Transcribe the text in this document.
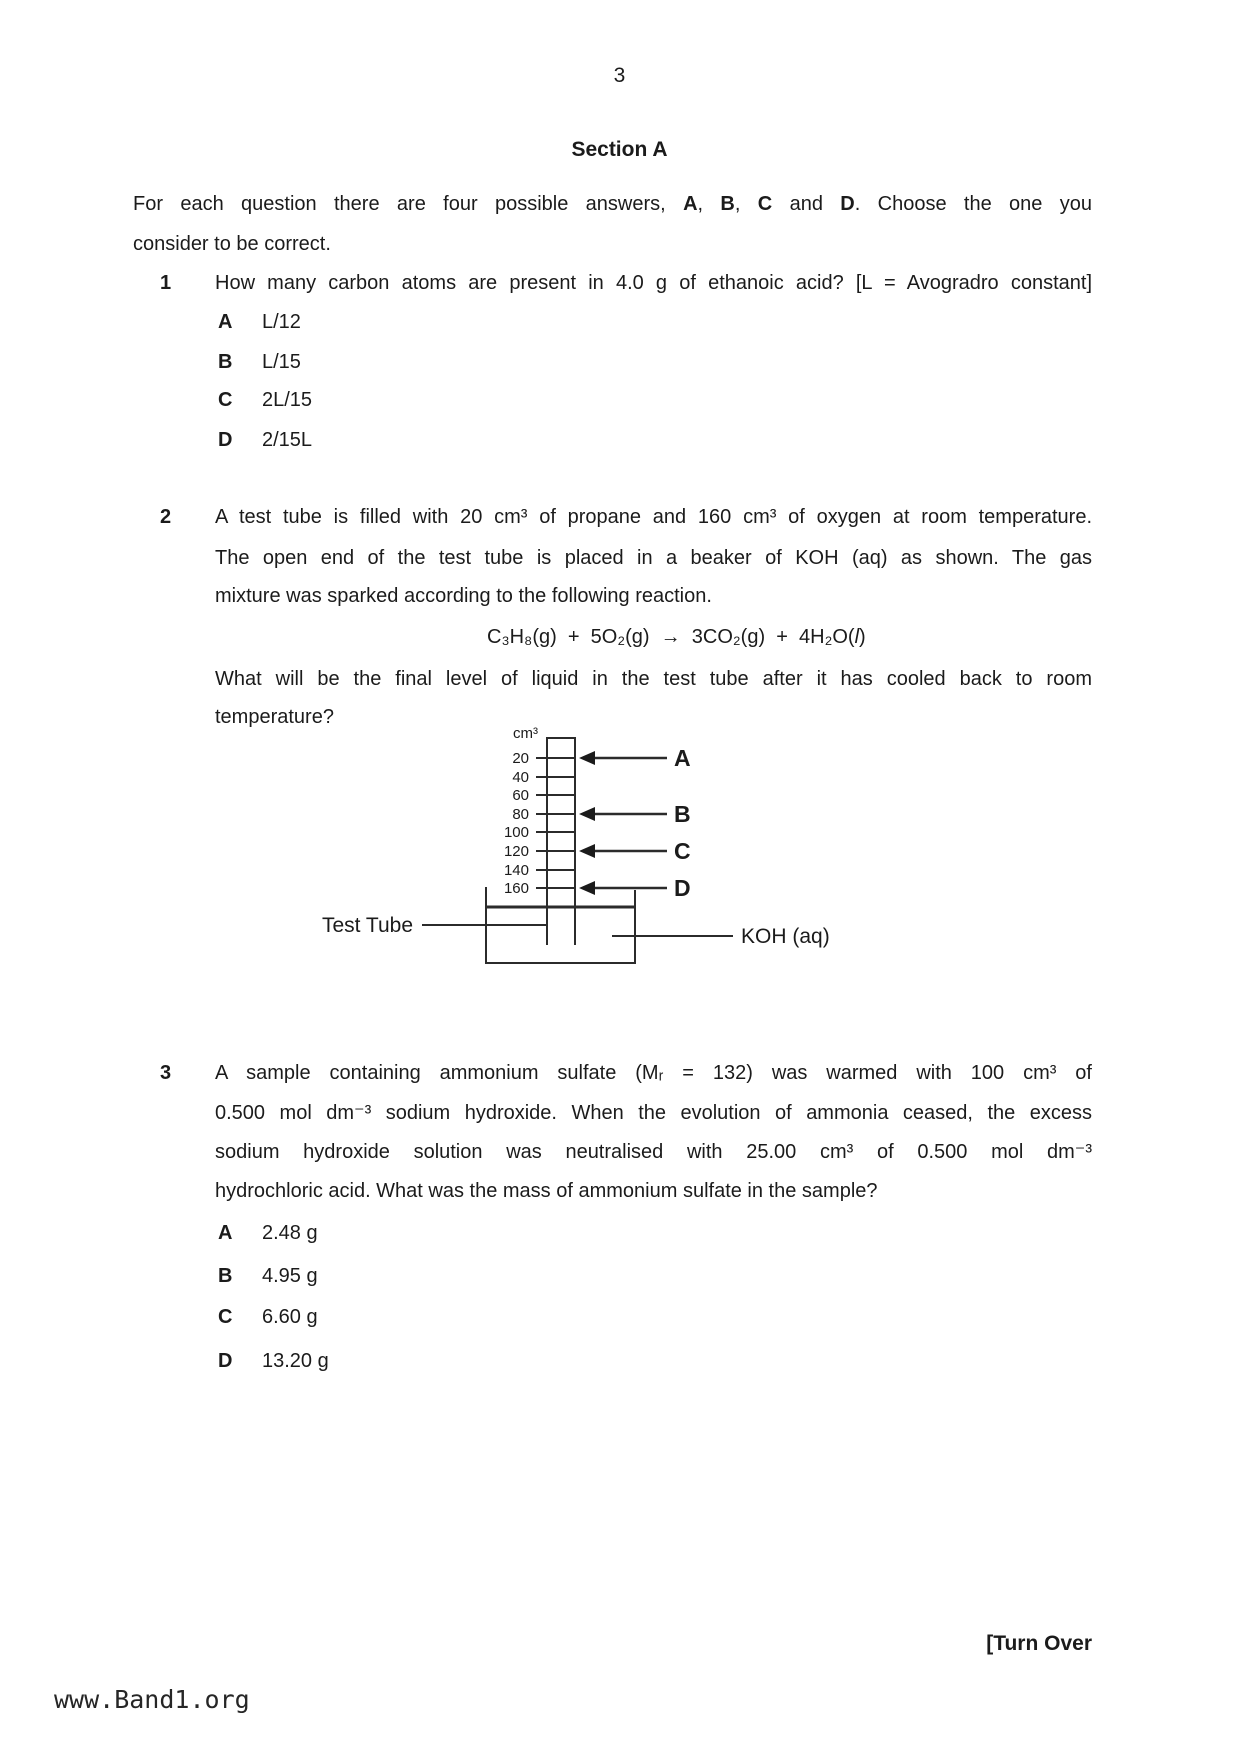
3
Section A
For each question there are four possible answers, A, B, C and D. Choose the one you
consider to be correct.
1	How many carbon atoms are present in 4.0 g of ethanoic acid? [L = Avogradro constant]
A L/12
B L/15
C 2L/15
D 2/15L
2	A test tube is filled with 20 cm³ of propane and 160 cm³ of oxygen at room temperature.
The open end of the test tube is placed in a beaker of KOH (aq) as shown. The gas
mixture was sparked according to the following reaction.
C₃H₈(g)  +  5O₂(g)  →  3CO₂(g)  +  4H₂O(l)
What will be the final level of liquid in the test tube after it has cooled back to room
temperature?
cm³
20
40
60
80
100
120
140
160
A
B
C
D
Test Tube	KOH (aq)
3	A sample containing ammonium sulfate (Mᵣ = 132) was warmed with 100 cm³ of
0.500 mol dm⁻³ sodium hydroxide. When the evolution of ammonia ceased, the excess
sodium hydroxide solution was neutralised with 25.00 cm³ of 0.500 mol dm⁻³
hydrochloric acid. What was the mass of ammonium sulfate in the sample?
A 2.48 g
B 4.95 g
C 6.60 g
D 13.20 g
[Turn Over
www.Band1.org
